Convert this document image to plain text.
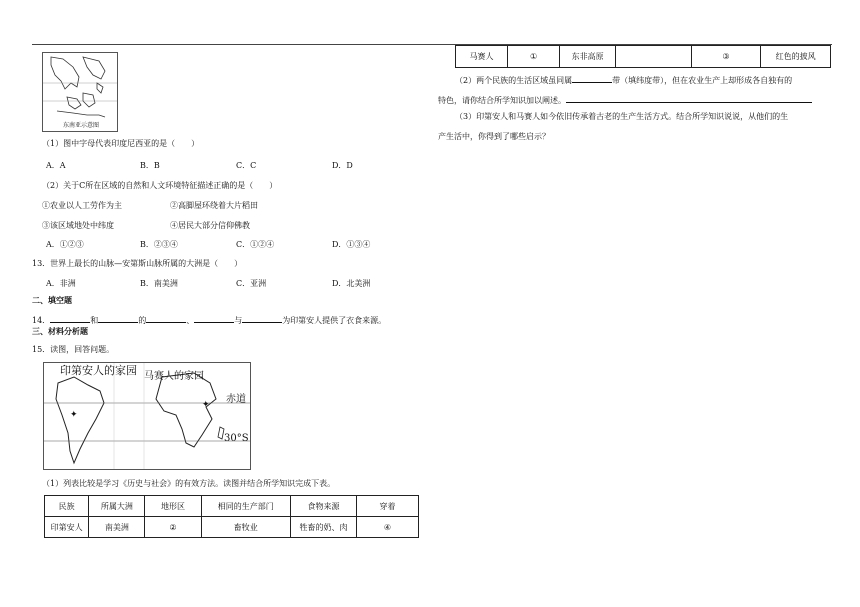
东南亚示意图
（1）图中字母代表印度尼西亚的是（　　）
A．A	B．B	C．C	D．D
（2）关于C所在区域的自然和人文环境特征描述正确的是（　　）
①农业以人工劳作为主	②高脚屋环绕着大片稻田
③该区域地处中纬度	④居民大部分信仰佛教
A．①②③	B．②③④	C．①②④	D．①③④
13．世界上最长的山脉—安第斯山脉所属的大洲是（　　）
A．非洲	B．南美洲	C．亚洲	D．北美洲
二、填空题
14．	和	的	、	与	为印第安人提供了衣食来源。
三、材料分析题
15．读图，回答问题。
✦
✦
印第安人的家园 马赛人的家园
赤道
30°S
（1）列表比较是学习《历史与社会》的有效方法。读图并结合所学知识完成下表。
民族	所属大洲	地形区	相同的生产部门	食物来源	穿着
印第安人	南美洲	②	畜牧业	牲畜的奶、肉	④
马赛人	①	东非高原		③	红色的披风
（2）两个民族的生活区域虽同属	带（填纬度带），但在农业生产上却形成各自独有的
特色，请你结合所学知识加以阐述。
（3）印第安人和马赛人如今依旧传承着古老的生产生活方式。结合所学知识说说，从他们的生
产生活中，你得到了哪些启示？
